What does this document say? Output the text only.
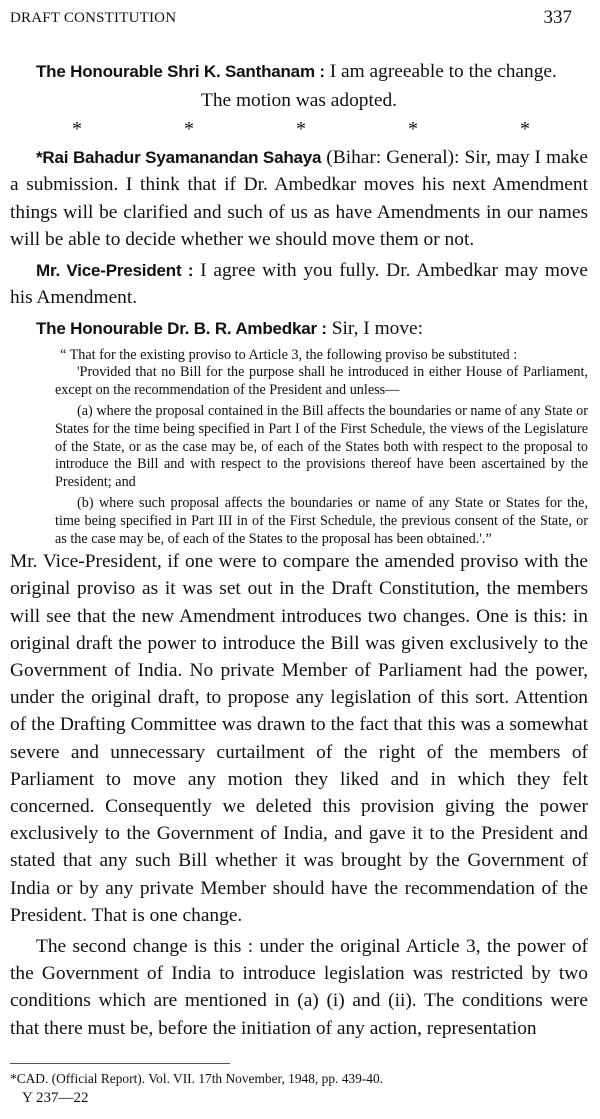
DRAFT CONSTITUTION	337

The Honourable Shri K. Santhanam : I am agreeable to the change.

The motion was adopted.

*	*	*	*	*

*Rai Bahadur Syamanandan Sahaya (Bihar: General): Sir, may I make a submission. I think that if Dr. Ambedkar moves his next Amendment things will be clarified and such of us as have Amendments in our names will be able to decide whether we should move them or not.

Mr. Vice-President : I agree with you fully. Dr. Ambedkar may move his Amendment.

The Honourable Dr. B. R. Ambedkar : Sir, I move:

“ That for the existing proviso to Article 3, the following proviso be substituted :

'Provided that no Bill for the purpose shall he introduced in either House of Parliament, except on the recommendation of the President and unless—

(a) where the proposal contained in the Bill affects the boundaries or name of any State or States for the time being specified in Part I of the First Schedule, the views of the Legislature of the State, or as the case may be, of each of the States both with respect to the proposal to introduce the Bill and with respect to the provisions thereof have been ascertained by the President; and

(b) where such proposal affects the boundaries or name of any State or States for the, time being specified in Part III in of the First Schedule, the previous consent of the State, or as the case may be, of each of the States to the proposal has been obtained.'.”

Mr. Vice-President, if one were to compare the amended proviso with the original proviso as it was set out in the Draft Constitution, the members will see that the new Amendment introduces two changes. One is this: in original draft the power to introduce the Bill was given exclusively to the Government of India. No private Member of Parliament had the power, under the original draft, to propose any legislation of this sort. Attention of the Drafting Committee was drawn to the fact that this was a somewhat severe and unnecessary curtailment of the right of the members of Parliament to move any motion they liked and in which they felt concerned. Consequently we deleted this provision giving the power exclusively to the Government of India, and gave it to the President and stated that any such Bill whether it was brought by the Government of India or by any private Member should have the recommendation of the President. That is one change.

The second change is this : under the original Article 3, the power of the Government of India to introduce legislation was restricted by two conditions which are mentioned in (a) (i) and (ii). The conditions were that there must be, before the initiation of any action, representation

*CAD. (Official Report). Vol. VII. 17th November, 1948, pp. 439-40.

Y 237—22
